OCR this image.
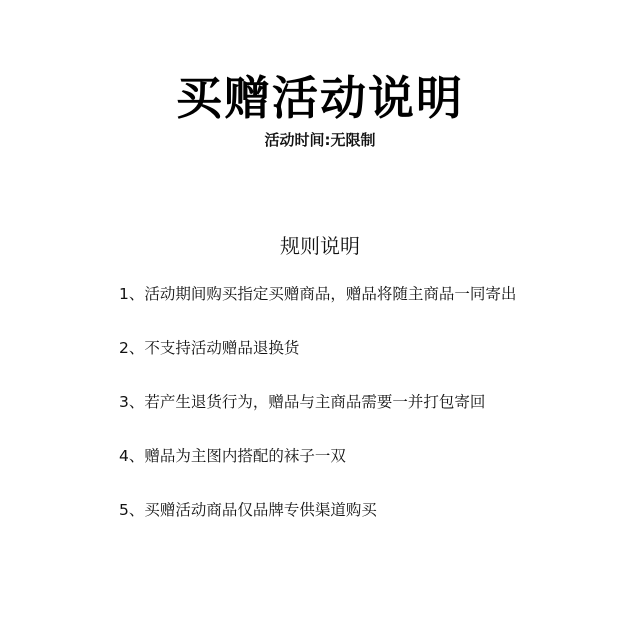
买赠活动说明
活动时间:无限制
规则说明
1、活动期间购买指定买赠商品，赠品将随主商品一同寄出
2、不支持活动赠品退换货
3、若产生退货行为，赠品与主商品需要一并打包寄回
4、赠品为主图内搭配的袜子一双
5、买赠活动商品仅品牌专供渠道购买
